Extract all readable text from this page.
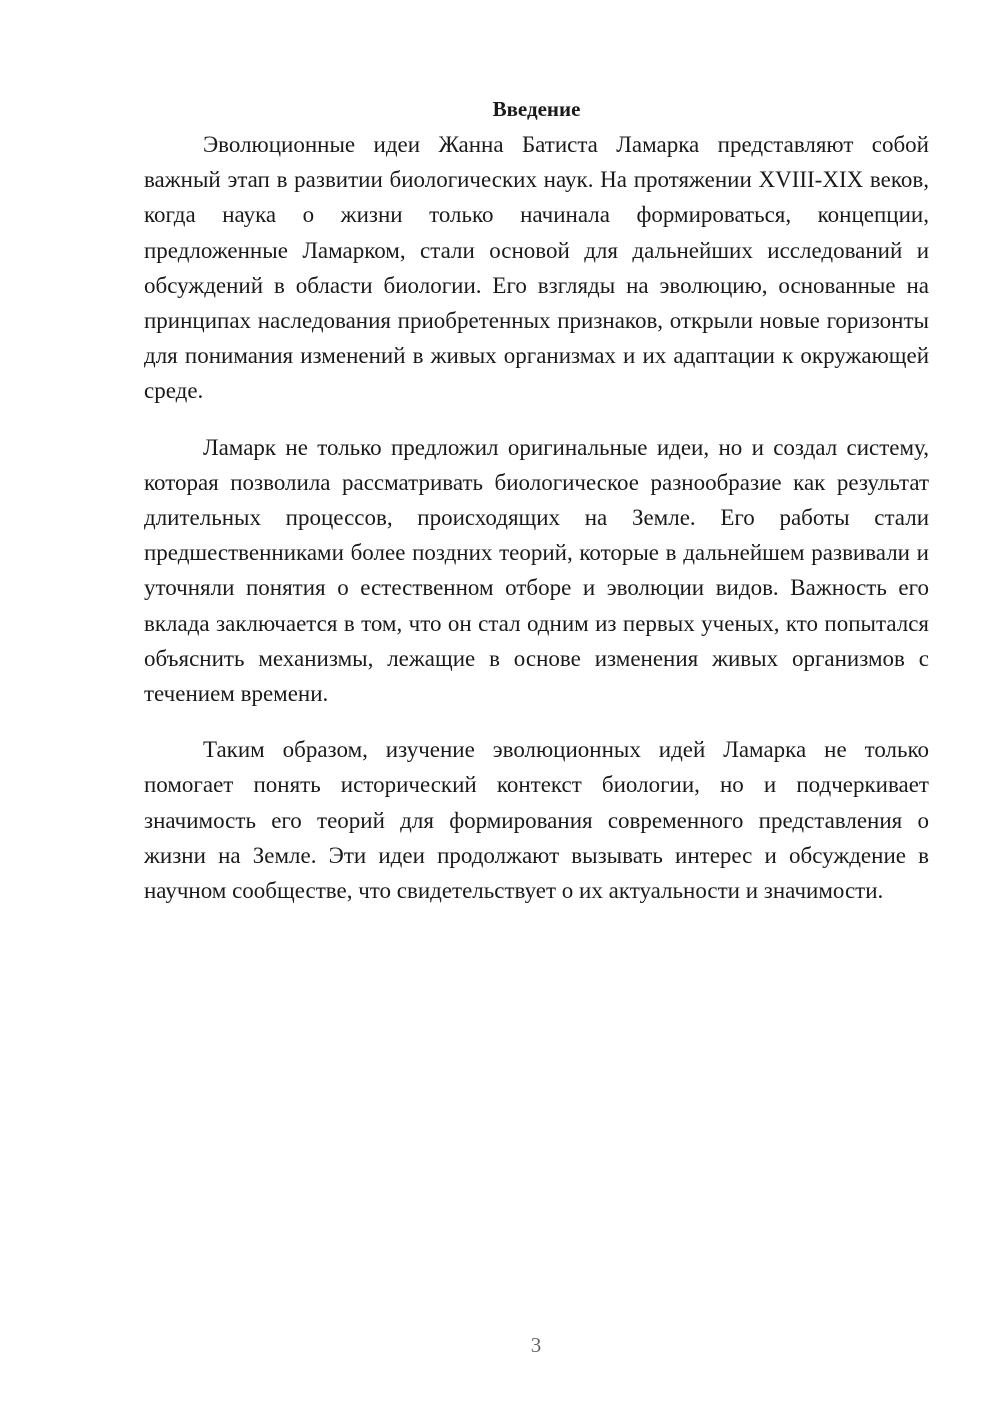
Введение

Эволюционные идеи Жанна Батиста Ламарка представляют собой важный этап в развитии биологических наук. На протяжении XVIII-XIX веков, когда наука о жизни только начинала формироваться, концепции, предложенные Ламарком, стали основой для дальнейших исследований и обсуждений в области биологии. Его взгляды на эволюцию, основанные на принципах наследования приобретенных признаков, открыли новые горизонты для понимания изменений в живых организмах и их адаптации к окружающей среде.

Ламарк не только предложил оригинальные идеи, но и создал систему, которая позволила рассматривать биологическое разнообразие как результат длительных процессов, происходящих на Земле. Его работы стали предшественниками более поздних теорий, которые в дальнейшем развивали и уточняли понятия о естественном отборе и эволюции видов. Важность его вклада заключается в том, что он стал одним из первых ученых, кто попытался объяснить механизмы, лежащие в основе изменения живых организмов с течением времени.

Таким образом, изучение эволюционных идей Ламарка не только помогает понять исторический контекст биологии, но и подчеркивает значимость его теорий для формирования современного представления о жизни на Земле. Эти идеи продолжают вызывать интерес и обсуждение в научном сообществе, что свидетельствует о их актуальности и значимости.

3
